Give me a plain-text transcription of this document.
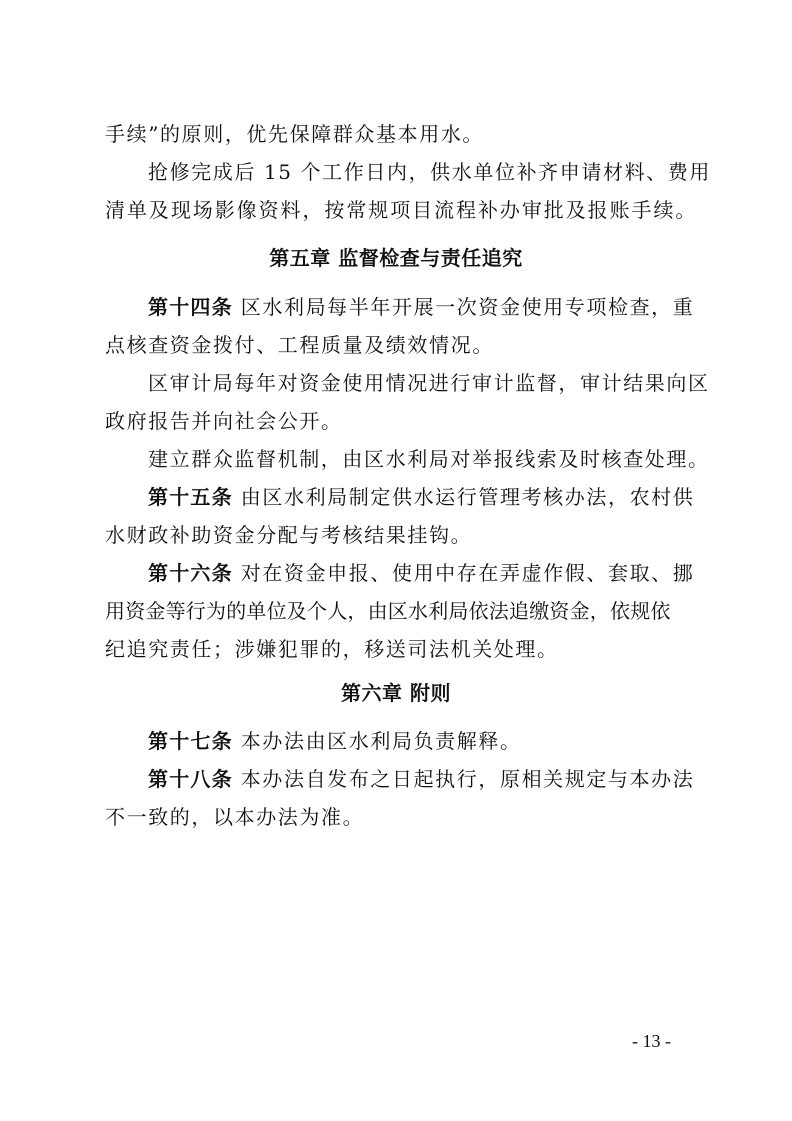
手续”的原则，优先保障群众基本用水。
抢修完成后 15 个工作日内，供水单位补齐申请材料、费用
清单及现场影像资料，按常规项目流程补办审批及报账手续。
第五章 监督检查与责任追究
第十四条 区水利局每半年开展一次资金使用专项检查，重
点核查资金拨付、工程质量及绩效情况。
区审计局每年对资金使用情况进行审计监督，审计结果向区
政府报告并向社会公开。
建立群众监督机制，由区水利局对举报线索及时核查处理。
第十五条 由区水利局制定供水运行管理考核办法，农村供
水财政补助资金分配与考核结果挂钩。
第十六条 对在资金申报、使用中存在弄虚作假、套取、挪
用资金等行为的单位及个人，由区水利局依法追缴资金，依规依
纪追究责任；涉嫌犯罪的，移送司法机关处理。
第六章 附则
第十七条 本办法由区水利局负责解释。
第十八条 本办法自发布之日起执行，原相关规定与本办法
不一致的，以本办法为准。
- 13 -
